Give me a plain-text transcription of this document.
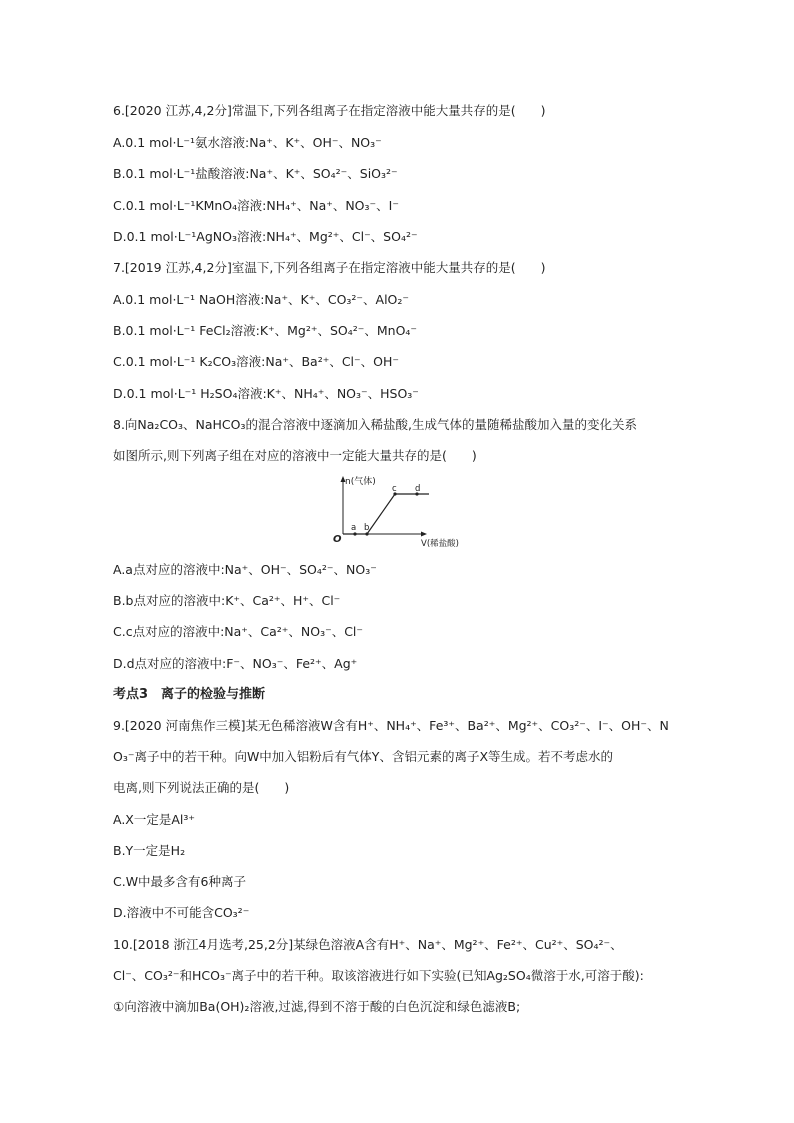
6.[2020 江苏,4,2分]常温下,下列各组离子在指定溶液中能大量共存的是(　　)
A.0.1 mol·L⁻¹氨水溶液:Na⁺、K⁺、OH⁻、NO₃⁻
B.0.1 mol·L⁻¹盐酸溶液:Na⁺、K⁺、SO₄²⁻、SiO₃²⁻
C.0.1 mol·L⁻¹KMnO₄溶液:NH₄⁺、Na⁺、NO₃⁻、I⁻
D.0.1 mol·L⁻¹AgNO₃溶液:NH₄⁺、Mg²⁺、Cl⁻、SO₄²⁻
7.[2019 江苏,4,2分]室温下,下列各组离子在指定溶液中能大量共存的是(　　)
A.0.1 mol·L⁻¹ NaOH溶液:Na⁺、K⁺、CO₃²⁻、AlO₂⁻
B.0.1 mol·L⁻¹ FeCl₂溶液:K⁺、Mg²⁺、SO₄²⁻、MnO₄⁻
C.0.1 mol·L⁻¹ K₂CO₃溶液:Na⁺、Ba²⁺、Cl⁻、OH⁻
D.0.1 mol·L⁻¹ H₂SO₄溶液:K⁺、NH₄⁺、NO₃⁻、HSO₃⁻
8.向Na₂CO₃、NaHCO₃的混合溶液中逐滴加入稀盐酸,生成气体的量随稀盐酸加入量的变化关系
如图所示,则下列离子组在对应的溶液中一定能大量共存的是(　　)
n(气体)
V(稀盐酸)
O
a b
c d
A.a点对应的溶液中:Na⁺、OH⁻、SO₄²⁻、NO₃⁻
B.b点对应的溶液中:K⁺、Ca²⁺、H⁺、Cl⁻
C.c点对应的溶液中:Na⁺、Ca²⁺、NO₃⁻、Cl⁻
D.d点对应的溶液中:F⁻、NO₃⁻、Fe²⁺、Ag⁺
考点3　离子的检验与推断
9.[2020 河南焦作三模]某无色稀溶液W含有H⁺、NH₄⁺、Fe³⁺、Ba²⁺、Mg²⁺、CO₃²⁻、I⁻、OH⁻、N
O₃⁻离子中的若干种。向W中加入铝粉后有气体Y、含铝元素的离子X等生成。若不考虑水的
电离,则下列说法正确的是(　　)
A.X一定是Al³⁺
B.Y一定是H₂
C.W中最多含有6种离子
D.溶液中不可能含CO₃²⁻
10.[2018 浙江4月选考,25,2分]某绿色溶液A含有H⁺、Na⁺、Mg²⁺、Fe²⁺、Cu²⁺、SO₄²⁻、
Cl⁻、CO₃²⁻和HCO₃⁻离子中的若干种。取该溶液进行如下实验(已知Ag₂SO₄微溶于水,可溶于酸):
①向溶液中滴加Ba(OH)₂溶液,过滤,得到不溶于酸的白色沉淀和绿色滤液B;
